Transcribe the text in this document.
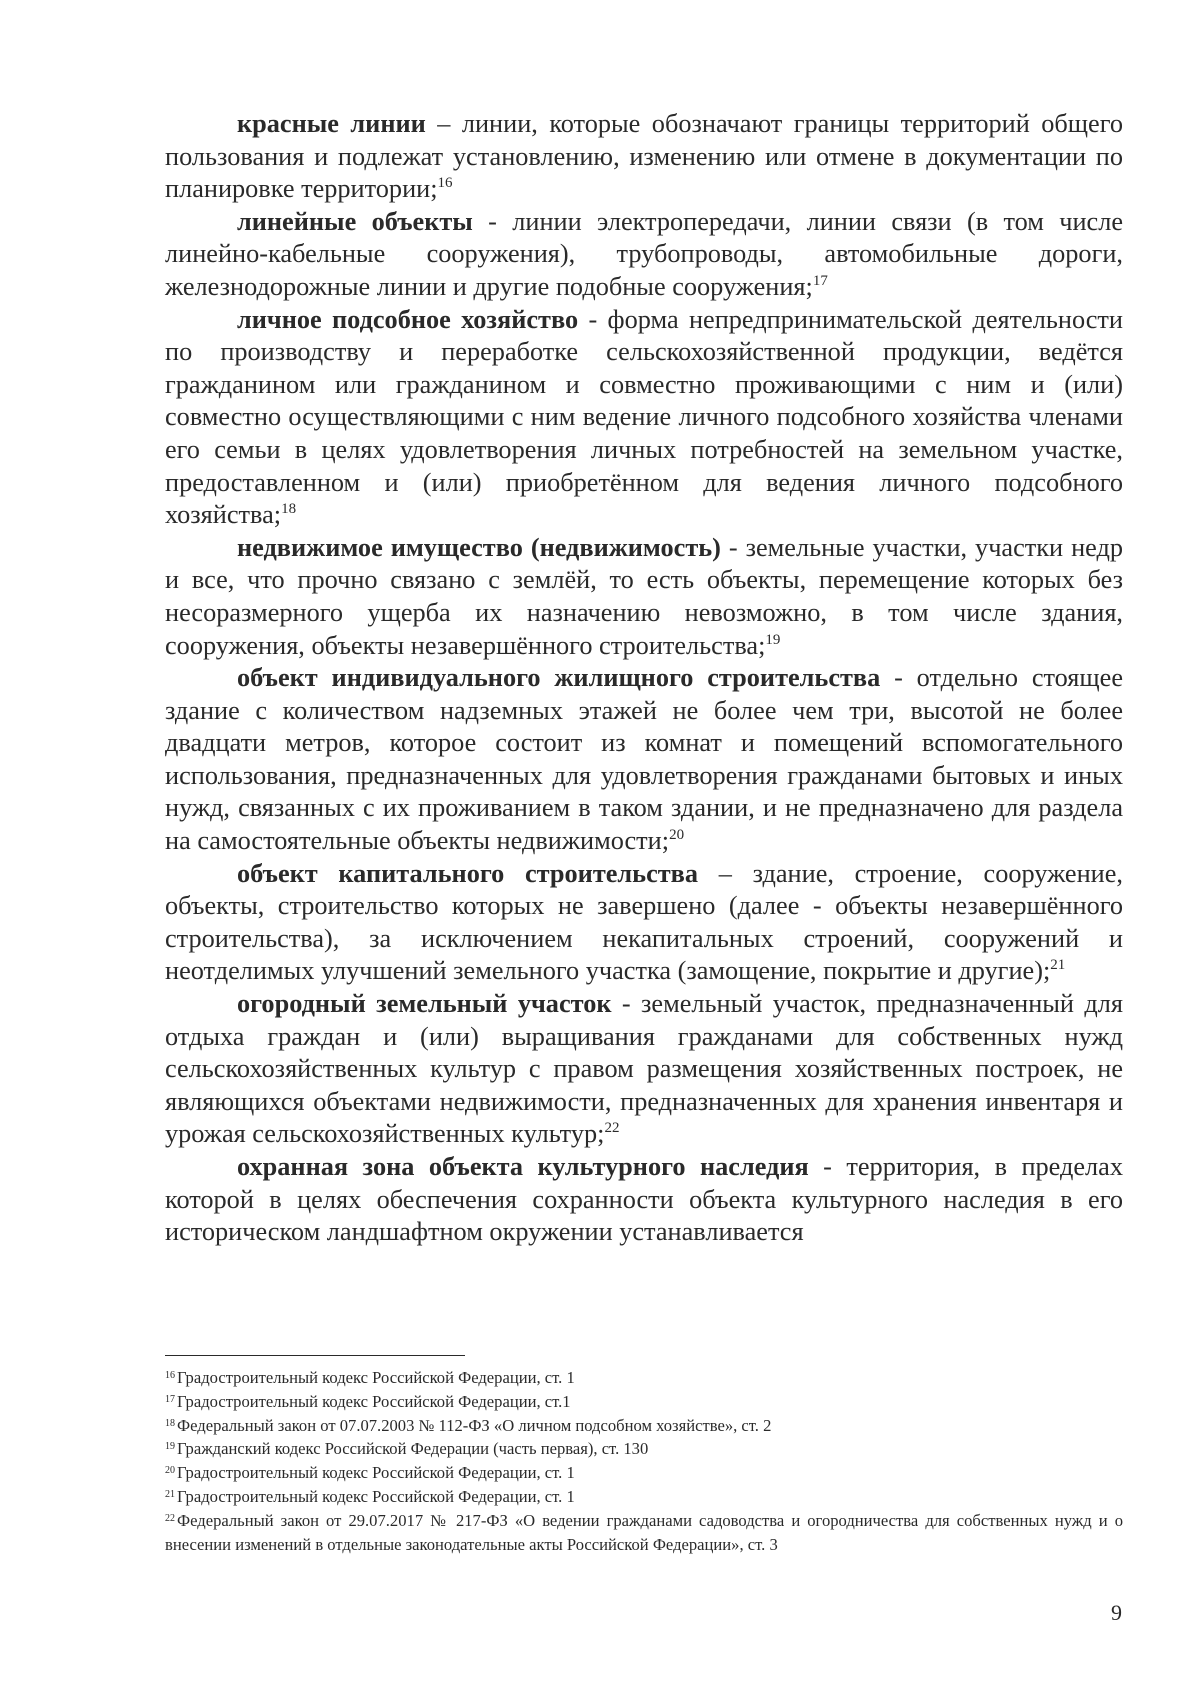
красные линии – линии, которые обозначают границы территорий общего пользования и подлежат установлению, изменению или отмене в документации по планировке территории;$^{16}$

линейные объекты - линии электропередачи, линии связи (в том числе линейно-кабельные сооружения), трубопроводы, автомобильные дороги, железнодорожные линии и другие подобные сооружения;$^{17}$

личное подсобное хозяйство - форма непредпринимательской деятельности по производству и переработке сельскохозяйственной продукции, ведётся гражданином или гражданином и совместно проживающими с ним и (или) совместно осуществляющими с ним ведение личного подсобного хозяйства членами его семьи в целях удовлетворения личных потребностей на земельном участке, предоставленном и (или) приобретённом для ведения личного подсобного хозяйства;$^{18}$

недвижимое имущество (недвижимость) - земельные участки, участки недр и все, что прочно связано с землёй, то есть объекты, перемещение которых без несоразмерного ущерба их назначению невозможно, в том числе здания, сооружения, объекты незавершённого строительства;$^{19}$

объект индивидуального жилищного строительства - отдельно стоящее здание с количеством надземных этажей не более чем три, высотой не более двадцати метров, которое состоит из комнат и помещений вспомогательного использования, предназначенных для удовлетворения гражданами бытовых и иных нужд, связанных с их проживанием в таком здании, и не предназначено для раздела на самостоятельные объекты недвижимости;$^{20}$

объект капитального строительства – здание, строение, сооружение, объекты, строительство которых не завершено (далее - объекты незавершённого строительства), за исключением некапитальных строений, сооружений и неотделимых улучшений земельного участка (замощение, покрытие и другие);$^{21}$

огородный земельный участок - земельный участок, предназначенный для отдыха граждан и (или) выращивания гражданами для собственных нужд сельскохозяйственных культур с правом размещения хозяйственных построек, не являющихся объектами недвижимости, предназначенных для хранения инвентаря и урожая сельскохозяйственных культур;$^{22}$

охранная зона объекта культурного наследия - территория, в пределах которой в целях обеспечения сохранности объекта культурного наследия в его историческом ландшафтном окружении устанавливается

$^{16}$ Градостроительный кодекс Российской Федерации, ст. 1

$^{17}$ Градостроительный кодекс Российской Федерации, ст.1

$^{18}$ Федеральный закон от 07.07.2003 № 112-ФЗ «О личном подсобном хозяйстве», ст. 2

$^{19}$ Гражданский кодекс Российской Федерации (часть первая), ст. 130

$^{20}$ Градостроительный кодекс Российской Федерации, ст. 1

$^{21}$ Градостроительный кодекс Российской Федерации, ст. 1

$^{22}$ Федеральный закон от 29.07.2017 № 217-ФЗ «О ведении гражданами садоводства и огородничества для собственных нужд и о внесении изменений в отдельные законодательные акты Российской Федерации», ст. 3

9
